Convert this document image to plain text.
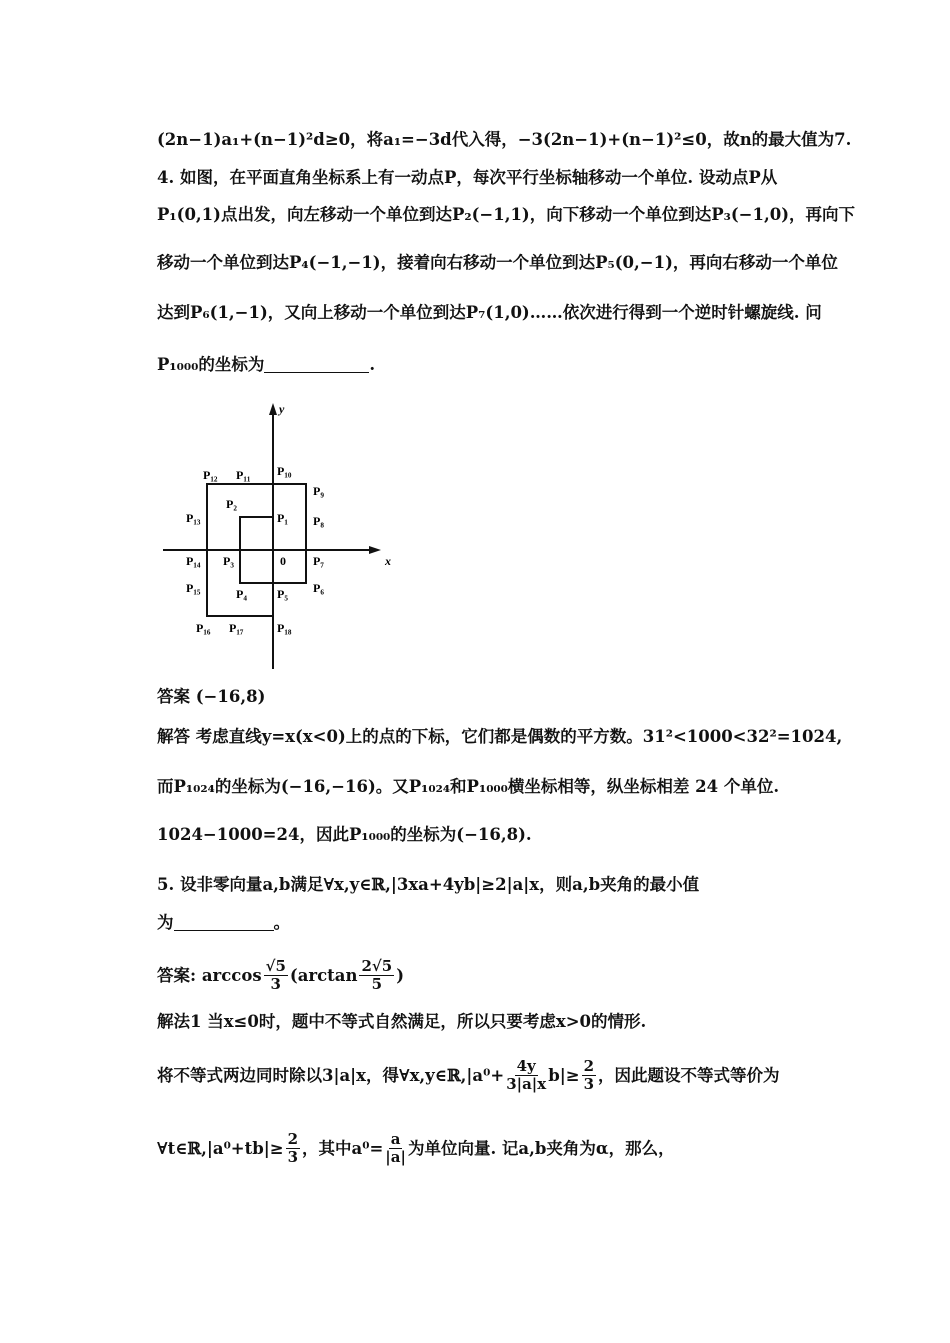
(2n−1)a₁+(n−1)²d≥0，将a₁=−3d代入得，−3(2n−1)+(n−1)²≤0，故n的最大值为7.
4. 如图，在平面直角坐标系上有一动点P，每次平行坐标轴移动一个单位. 设动点P从
P₁(0,1)点出发，向左移动一个单位到达P₂(−1,1)，向下移动一个单位到达P₃(−1,0)，再向下
移动一个单位到达P₄(−1,−1)，接着向右移动一个单位到达P₅(0,−1)，再向右移动一个单位
达到P₆(1,−1)，又向上移动一个单位到达P₇(1,0)……依次进行得到一个逆时针螺旋线. 问
P₁₀₀₀的坐标为	.
答案 (−16,8)
解答 考虑直线y=x(x<0)上的点的下标，它们都是偶数的平方数。31²<1000<32²=1024,
而P₁₀₂₄的坐标为(−16,−16)。又P₁₀₂₄和P₁₀₀₀横坐标相等，纵坐标相差 24 个单位.
1024−1000=24，因此P₁₀₀₀的坐标为(−16,8).
5. 设非零向量a,b满足∀x,y∈ℝ,|3xa+4yb|≥2|a|x，则a,b夹角的最小值
为	。
答案: $\arccos \frac{√5}{3} (\arctan \frac{2√5}{5}$ )
解法1 当x≤0时，题中不等式自然满足，所以只要考虑x>0的情形.
将不等式两边同时除以3|a|x，得∀x,y∈ℝ,|a⁰+ $\frac{4y}{3|a|x} b|\ge \frac{2}{3}$ ，因此题设不等式等价为
∀t∈ℝ,|a⁰+tb|≥ $\frac{2}{3}$ ，其中$a^0= \frac{a}{|a|}$ 为单位向量. 记a,b夹角为α，那么，
x
y
0
P₁
P₂
P₃
P₄	P₅ P₆
P₇
P₈
P₉
P₁₀
P₁₁
P₁₂
P₁₃
P₁₄
P₁₅
P₁₆ P₁₇	P₁₈
